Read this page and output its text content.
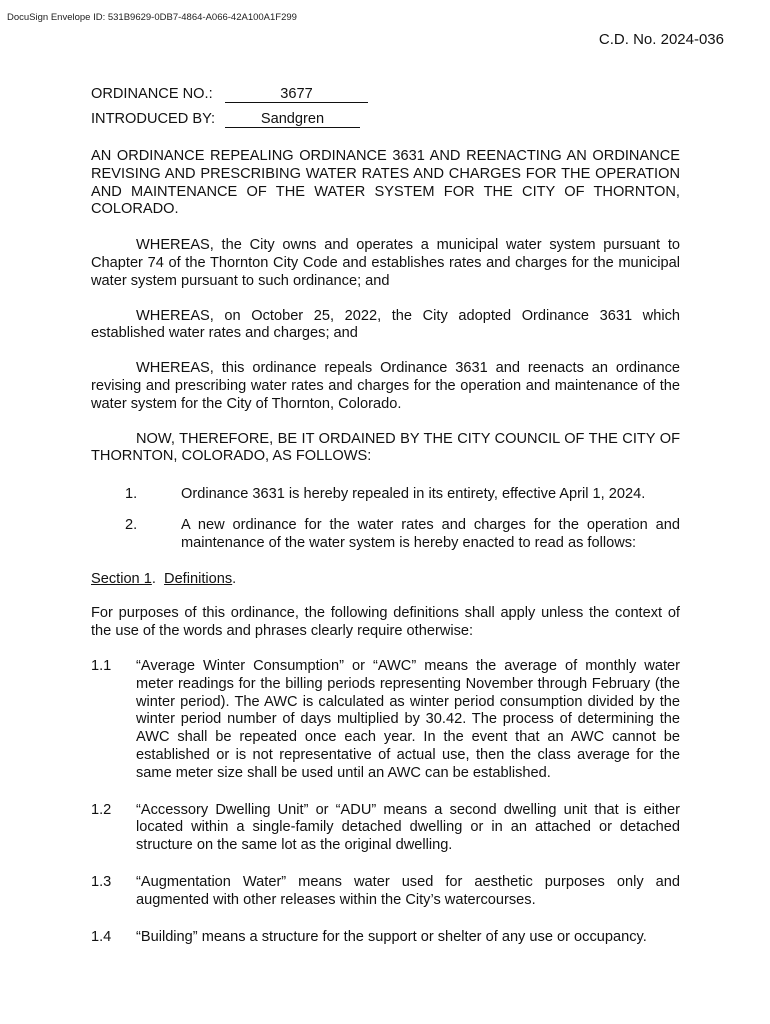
DocuSign Envelope ID: 531B9629-0DB7-4864-A066-42A100A1F299
C.D. No. 2024-036
ORDINANCE NO.:	3677
INTRODUCED BY:	Sandgren

AN ORDINANCE REPEALING ORDINANCE 3631 AND REENACTING AN ORDINANCE REVISING AND PRESCRIBING WATER RATES AND CHARGES FOR THE OPERATION AND MAINTENANCE OF THE WATER SYSTEM FOR THE CITY OF THORNTON, COLORADO.

WHEREAS, the City owns and operates a municipal water system pursuant to Chapter 74 of the Thornton City Code and establishes rates and charges for the municipal water system pursuant to such ordinance; and

WHEREAS, on October 25, 2022, the City adopted Ordinance 3631 which established water rates and charges; and

WHEREAS, this ordinance repeals Ordinance 3631 and reenacts an ordinance revising and prescribing water rates and charges for the operation and maintenance of the water system for the City of Thornton, Colorado.

NOW, THEREFORE, BE IT ORDAINED BY THE CITY COUNCIL OF THE CITY OF THORNTON, COLORADO, AS FOLLOWS:

1.	Ordinance 3631 is hereby repealed in its entirety, effective April 1, 2024.
2.	A new ordinance for the water rates and charges for the operation and maintenance of the water system is hereby enacted to read as follows:

Section 1.  Definitions.

For purposes of this ordinance, the following definitions shall apply unless the context of the use of the words and phrases clearly require otherwise:

1.1	“Average Winter Consumption” or “AWC” means the average of monthly water meter readings for the billing periods representing November through February (the winter period). The AWC is calculated as winter period consumption divided by the winter period number of days multiplied by 30.42. The process of determining the AWC shall be repeated once each year. In the event that an AWC cannot be established or is not representative of actual use, then the class average for the same meter size shall be used until an AWC can be established.
1.2	“Accessory Dwelling Unit” or “ADU” means a second dwelling unit that is either located within a single-family detached dwelling or in an attached or detached structure on the same lot as the original dwelling.
1.3	“Augmentation Water” means water used for aesthetic purposes only and augmented with other releases within the City’s watercourses.
1.4	“Building” means a structure for the support or shelter of any use or occupancy.
